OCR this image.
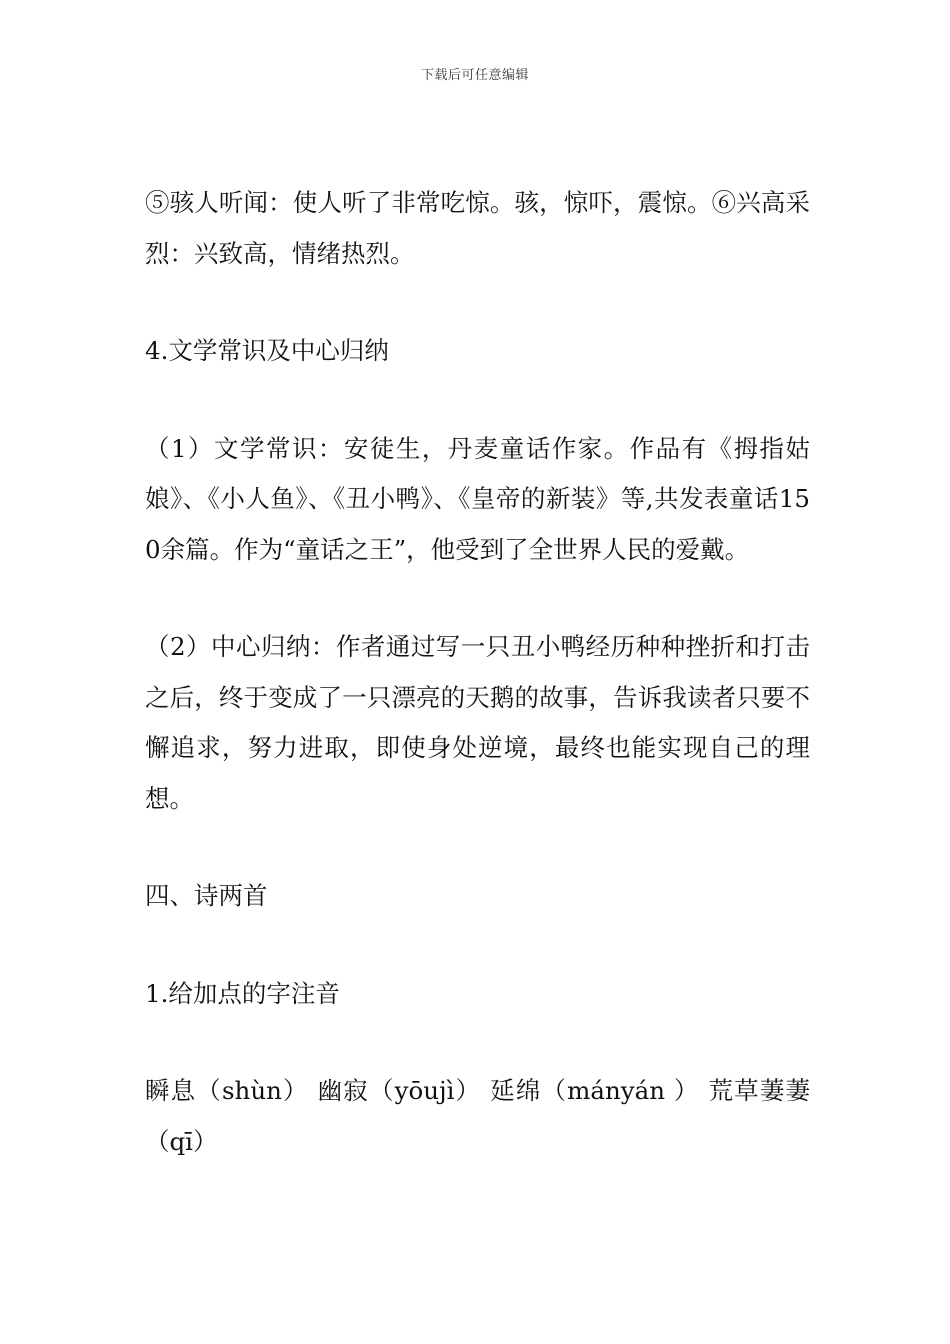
下载后可任意编辑

⑤骇人听闻：使人听了非常吃惊。骇，惊吓，震惊。⑥兴高采烈：兴致高，情绪热烈。

4.文学常识及中心归纳

（1）文学常识：安徒生，丹麦童话作家。作品有《拇指姑娘》、《小人鱼》、《丑小鸭》、《皇帝的新装》等,共发表童话150余篇。作为“童话之王”，他受到了全世界人民的爱戴。

（2）中心归纳：作者通过写一只丑小鸭经历种种挫折和打击之后，终于变成了一只漂亮的天鹅的故事，告诉我读者只要不懈追求，努力进取，即使身处逆境，最终也能实现自己的理想。

四、诗两首

1.给加点的字注音

瞬息（shùn） 幽寂（yōujì） 延绵（mányán ） 荒草萋萋（qī）
